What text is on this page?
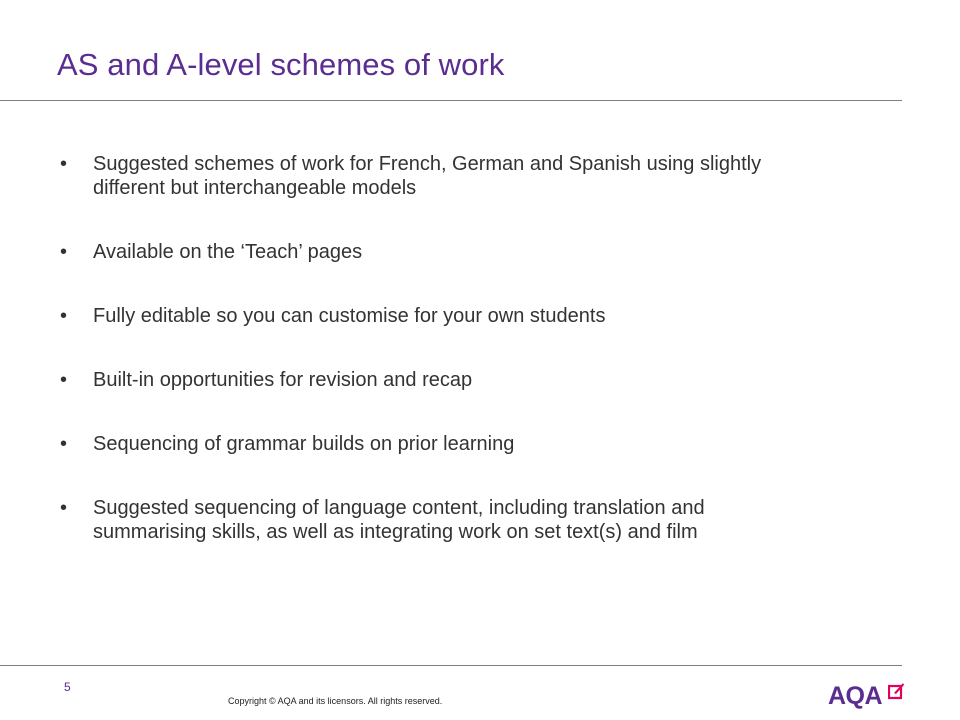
AS and A-level schemes of work
•	Suggested schemes of work for French, German and Spanish using slightly different but interchangeable models
•	Available on the ‘Teach’ pages
•	Fully editable so you can customise for your own students
•	Built-in opportunities for revision and recap
•	Sequencing of grammar builds on prior learning
•	Suggested sequencing of language content, including translation and summarising skills, as well as integrating work on set text(s) and film
5
Copyright © AQA and its licensors. All rights reserved.	AQA
